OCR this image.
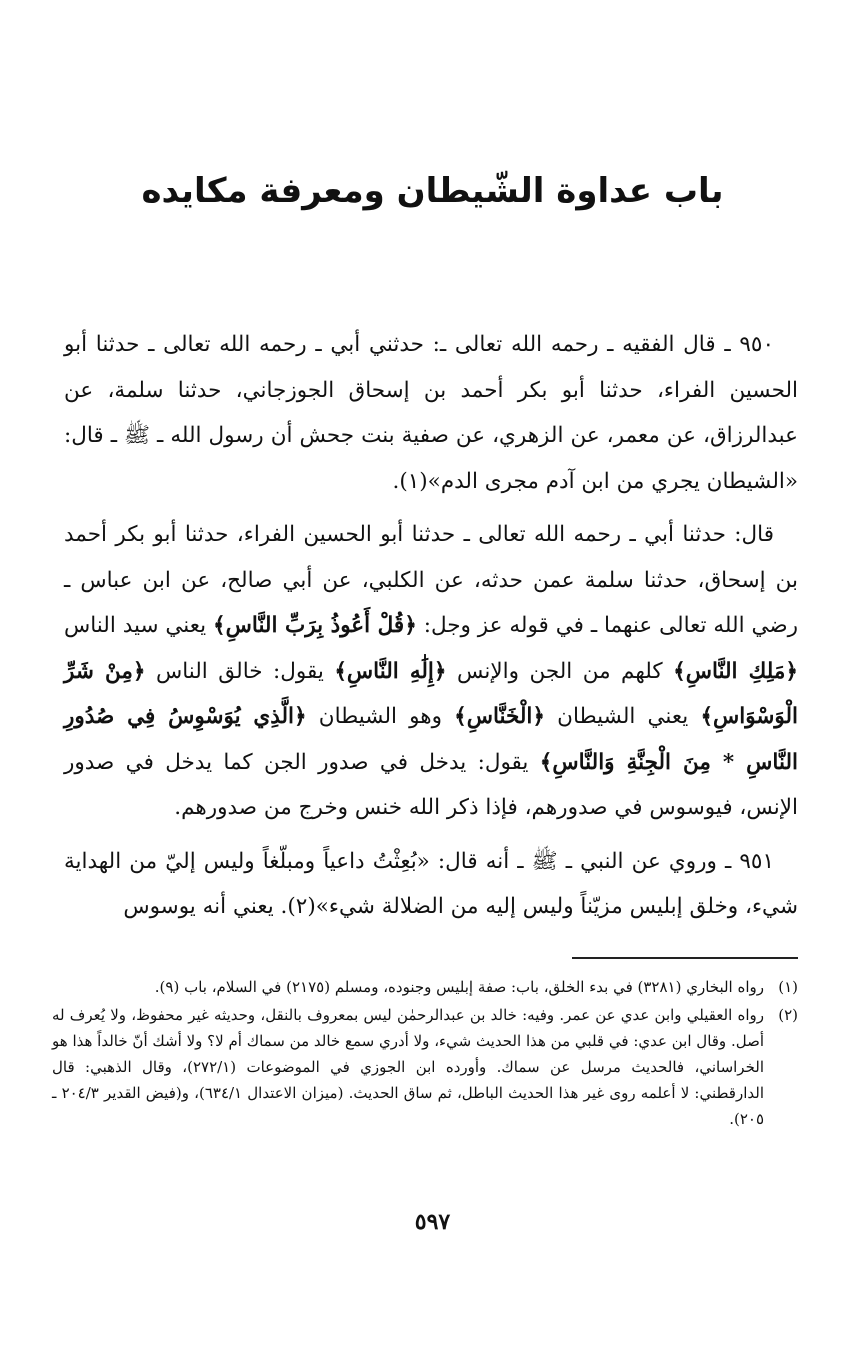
باب عداوة الشّيطان ومعرفة مكايده

٩٥٠ ـ قال الفقيه ـ رحمه الله تعالى ـ: حدثني أبي ـ رحمه الله تعالى ـ حدثنا أبو الحسين الفراء، حدثنا أبو بكر أحمد بن إسحاق الجوزجاني، حدثنا سلمة، عن عبدالرزاق، عن معمر، عن الزهري، عن صفية بنت جحش أن رسول الله ـ ﷺ ـ قال: «الشيطان يجري من ابن آدم مجرى الدم»(١).

قال: حدثنا أبي ـ رحمه الله تعالى ـ حدثنا أبو الحسين الفراء، حدثنا أبو بكر أحمد بن إسحاق، حدثنا سلمة عمن حدثه، عن الكلبي، عن أبي صالح، عن ابن عباس ـ رضي الله تعالى عنهما ـ في قوله عز وجل: ﴿قُلْ أَعُوذُ بِرَبِّ النَّاسِ﴾ يعني سيد الناس ﴿مَلِكِ النَّاسِ﴾ كلهم من الجن والإنس ﴿إِلَٰهِ النَّاسِ﴾ يقول: خالق الناس ﴿مِنْ شَرِّ الْوَسْوَاسِ﴾ يعني الشيطان ﴿الْخَنَّاسِ﴾ وهو الشيطان ﴿الَّذِي يُوَسْوِسُ فِي صُدُورِ النَّاسِ * مِنَ الْجِنَّةِ وَالنَّاسِ﴾ يقول: يدخل في صدور الجن كما يدخل في صدور الإنس، فيوسوس في صدورهم، فإذا ذكر الله خنس وخرج من صدورهم.

٩٥١ ـ وروي عن النبي ـ ﷺ ـ أنه قال: «بُعِثْتُ داعياً ومبلّغاً وليس إليّ من الهداية شيء، وخلق إبليس مزيّناً وليس إليه من الضلالة شيء»(٢). يعني أنه يوسوس

(١)
رواه البخاري (٣٢٨١) في بدء الخلق، باب: صفة إبليس وجنوده، ومسلم (٢١٧٥) في السلام، باب (٩).
(٢)
رواه العقيلي وابن عدي عن عمر. وفيه: خالد بن عبدالرحمٰن ليس بمعروف بالنقل، وحديثه غير محفوظ، ولا يُعرف له أصل. وقال ابن عدي: في قلبي من هذا الحديث شيء، ولا أدري سمع خالد من سماك أم لا؟ ولا أشك أنّ خالداً هذا هو الخراساني، فالحديث مرسل عن سماك. وأورده ابن الجوزي في الموضوعات (٢٧٢/١)، وقال الذهبي: قال الدارقطني: لا أعلمه روى غير هذا الحديث الباطل، ثم ساق الحديث. (ميزان الاعتدال ٦٣٤/١)، و(فيض القدير ٢٠٤/٣ ـ ٢٠٥).
٥٩٧
